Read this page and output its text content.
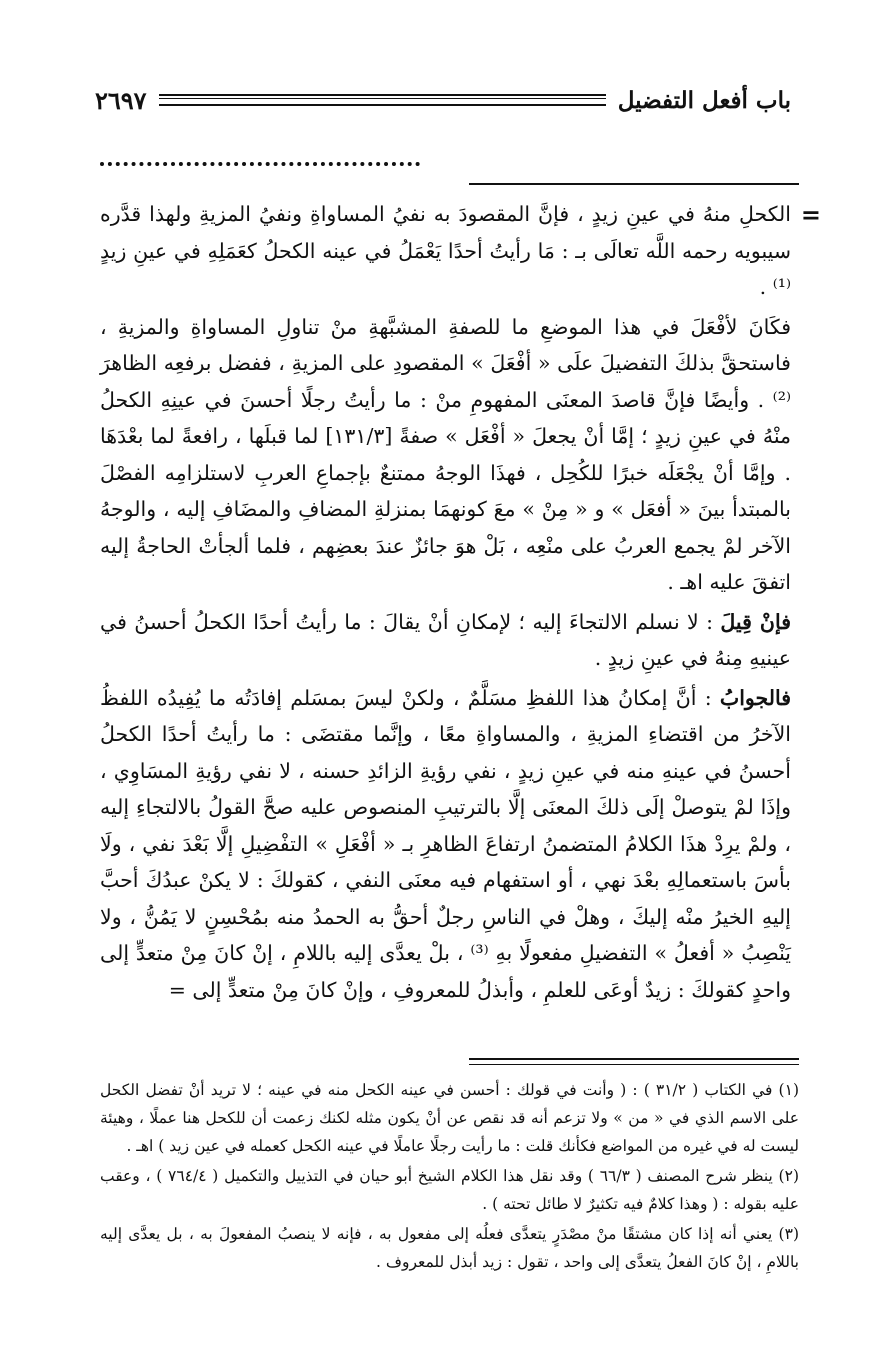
باب أفعل التفضيل
٢٦٩٧
=

الكحلِ منهُ في عينِ زيدٍ ، فإنَّ المقصودَ به نفيُ المساواةِ ونفيُ المزيةِ ولهذا قدَّره سيبويه رحمه اللَّه تعالَى بـ : مَا رأيتُ أحدًا يَعْمَلُ في عينه الكحلُ كعَمَلِهِ في عينِ زيدٍ ⁽¹⁾ .

فكَانَ لأفْعَلَ في هذا الموضعِ ما للصفةِ المشبَّهةِ منْ تناولِ المساواةِ والمزيةِ ، فاستحقَّ بذلكَ التفضيلَ علَى « أفْعَلَ » المقصودِ على المزيةِ ، ففضل برفعِه الظاهرَ ⁽²⁾ . وأيضًا فإنَّ قاصدَ المعنَى المفهومِ منْ : ما رأيتُ رجلًا أحسنَ في عينِهِ الكحلُ منْهُ في عينِ زيدٍ ؛ إمَّا أنْ يجعلَ « أفْعَل » صفةً [١٣١/٣] لما قبلَها ، رافعةً لما بعْدَهَا . وإمَّا أنْ يجْعَلَه خبرًا للكُحِل ، فهذَا الوجهُ ممتنعٌ بإجماعِ العربِ لاستلزامِه الفصْلَ بالمبتدأ بينَ « أفعَل » و « مِنْ » معَ كونهمَا بمنزلةِ المضافِ والمضَافِ إليه ، والوجهُ الآخر لمْ يجمع العربُ على منْعِه ، بَلْ هوَ جائزٌ عندَ بعضِهم ، فلما ألجأتْ الحاجةُ إليه اتفقَ عليه اهـ .

فإنْ قِيلَ : لا نسلم الالتجاءَ إليه ؛ لإمكانِ أنْ يقالَ : ما رأيتُ أحدًا الكحلُ أحسنُ في عينيهِ مِنهُ في عينِ زيدٍ .

فالجوابُ : أنَّ إمكانُ هذا اللفظِ مسَلَّمٌ ، ولكنْ ليسَ بمسَلم إفادَتُه ما يُفِيدُه اللفظُ الآخرُ من اقتضاءِ المزيةِ ، والمساواةِ معًا ، وإنَّما مقتضَى : ما رأيتُ أحدًا الكحلُ أحسنُ في عينهِ منه في عينِ زيدٍ ، نفي رؤيةِ الزائدِ حسنه ، لا نفي رؤيةِ المسَاوِي ، وإذَا لمْ يتوصلْ إلَى ذلكَ المعنَى إلَّا بالترتيبِ المنصوص عليه صحَّ القولُ بالالتجاءِ إليه ، ولمْ يرِدْ هذَا الكلامُ المتضمنُ ارتفاعَ الظاهرِ بـ « أفْعَلِ » التفْضِيلِ إلَّا بَعْدَ نفي ، ولَا بأسَ باستعمالِهِ بعْدَ نهي ، أو استفهام فيه معنَى النفي ، كقولكَ : لا يكنْ عبدُكَ أحبَّ إليهِ الخيرُ منْه إليكَ ، وهلْ في الناسِ رجلٌ أحقُّ به الحمدُ منه بمُحْسِنٍ لا يَمُنُّ ، ولا يَنْصِبُ « أفعلُ » التفضيلِ مفعولًا بهِ ⁽³⁾ ، بلْ يعدَّى إليه باللامِ ، إنْ كانَ مِنْ متعدٍّ إلى واحدٍ كقولكَ : زيدٌ أوعَى للعلمِ ، وأبذلُ للمعروفِ ، وإنْ كانَ مِنْ متعدٍّ إلى =

(١) في الكتاب ( ٣١/٢ ) : ( وأنت في قولك : أحسن في عينه الكحل منه في عينه ؛ لا تريد أنْ تفضل الكحل على الاسم الذي في « من » ولا تزعم أنه قد نقص عن أنْ يكون مثله لكنك زعمت أن للكحل هنا عملًا ، وهيئة ليست له في غيره من المواضع فكأنك قلت : ما رأيت رجلًا عاملًا في عينه الكحل كعمله في عين زيد ) اهـ .

(٢) ينظر شرح المصنف ( ٦٦/٣ ) وقد نقل هذا الكلام الشيخ أبو حيان في التذييل والتكميل ( ٧٦٤/٤ ) ، وعقب عليه بقوله : ( وهذا كلامٌ فيه تكثيرٌ لا طائل تحته ) .

(٣) يعني أنه إذا كان مشتقًا منْ مصْدَرٍ يتعدَّى فعلُه إلى مفعول به ، فإنه لا ينصبُ المفعولَ به ، بل يعدَّى إليه باللامِ ، إنْ كانَ الفعلُ يتعدَّى إلى واحد ، تقول : زيد أبذل للمعروف .
